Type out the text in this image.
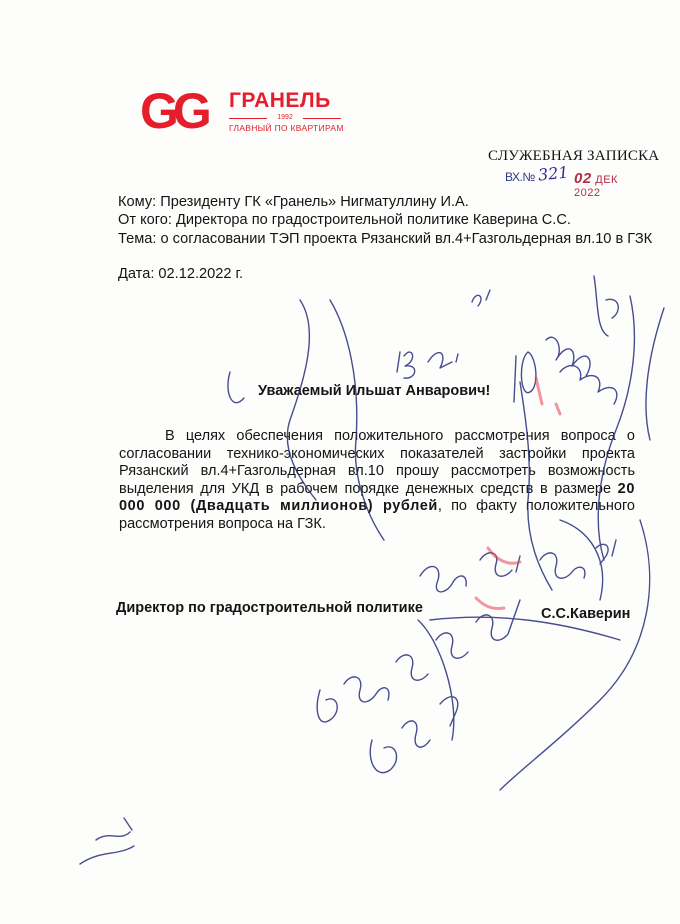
GG ГРАНЕЛЬ
1992
ГЛАВНЫЙ ПО КВАРТИРАМ
СЛУЖЕБНАЯ ЗАПИСКА
ВХ.№ 321 02 ДЕК 2022
Кому: Президенту ГК «Гранель» Нигматуллину И.А.
От кого: Директора по градостроительной политике Каверина С.С.
Тема: о согласовании ТЭП проекта Рязанский вл.4+Газгольдерная вл.10 в ГЗК
Дата: 02.12.2022 г.
Уважаемый Ильшат Анварович!
В целях обеспечения положительного рассмотрения вопроса о согласовании технико-экономических показателей застройки проекта Рязанский вл.4+Газгольдерная вл.10 прошу рассмотреть возможность выделения для УКД в рабочем порядке денежных средств в размере 20 000 000 (Двадцать миллионов) рублей, по факту положительного рассмотрения вопроса на ГЗК.
Директор по градостроительной политике	С.С.Каверин
